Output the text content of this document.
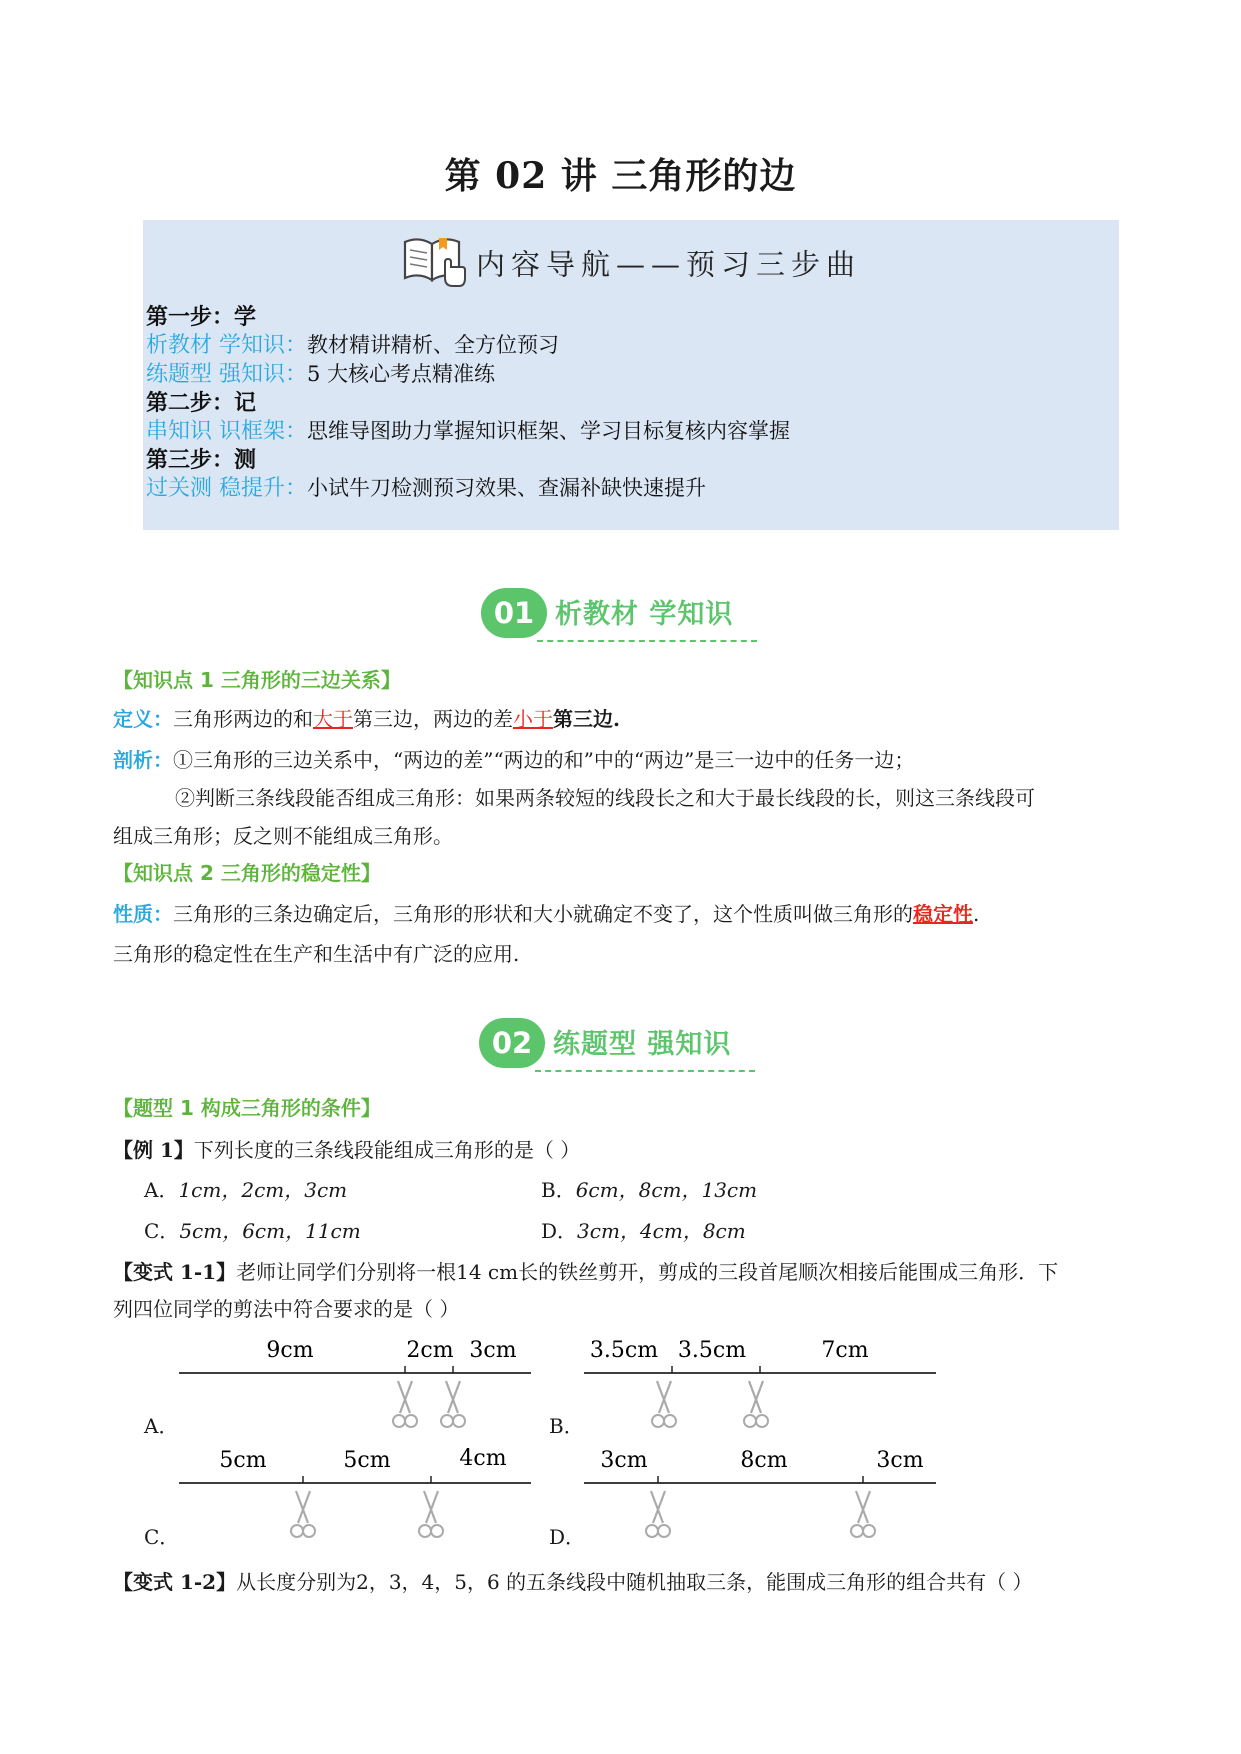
第 02 讲 三角形的边
内容导航——预习三步曲
第一步：学
析教材 学知识：教材精讲精析、全方位预习
练题型 强知识：5 大核心考点精准练
第二步：记
串知识 识框架：思维导图助力掌握知识框架、学习目标复核内容掌握
第三步：测
过关测 稳提升：小试牛刀检测预习效果、查漏补缺快速提升
01 析教材 学知识
【知识点 1 三角形的三边关系】
定义：三角形两边的和大于第三边，两边的差小于第三边.
剖析：①三角形的三边关系中，“两边的差”“两边的和”中的“两边”是三一边中的任务一边；
②判断三条线段能否组成三角形：如果两条较短的线段长之和大于最长线段的长，则这三条线段可
组成三角形；反之则不能组成三角形。
【知识点 2 三角形的稳定性】
性质：三角形的三条边确定后，三角形的形状和大小就确定不变了，这个性质叫做三角形的稳定性.
三角形的稳定性在生产和生活中有广泛的应用.
02 练题型 强知识
【题型 1 构成三角形的条件】
【例 1】下列长度的三条线段能组成三角形的是（ ）
A．1cm，2cm，3cm	B．6cm，8cm，13cm
C．5cm，6cm，11cm	D．3cm，4cm，8cm
【变式 1-1】老师让同学们分别将一根14 cm长的铁丝剪开，剪成的三段首尾顺次相接后能围成三角形．下
列四位同学的剪法中符合要求的是（ ）
A．
9cm	2cm 3cm
B．
3.5cm 3.5cm	7cm
C．
5cm	5cm	4cm
D．
3cm	8cm	3cm
【变式 1-2】从长度分别为2，3，4，5，6 的五条线段中随机抽取三条，能围成三角形的组合共有（ ）
